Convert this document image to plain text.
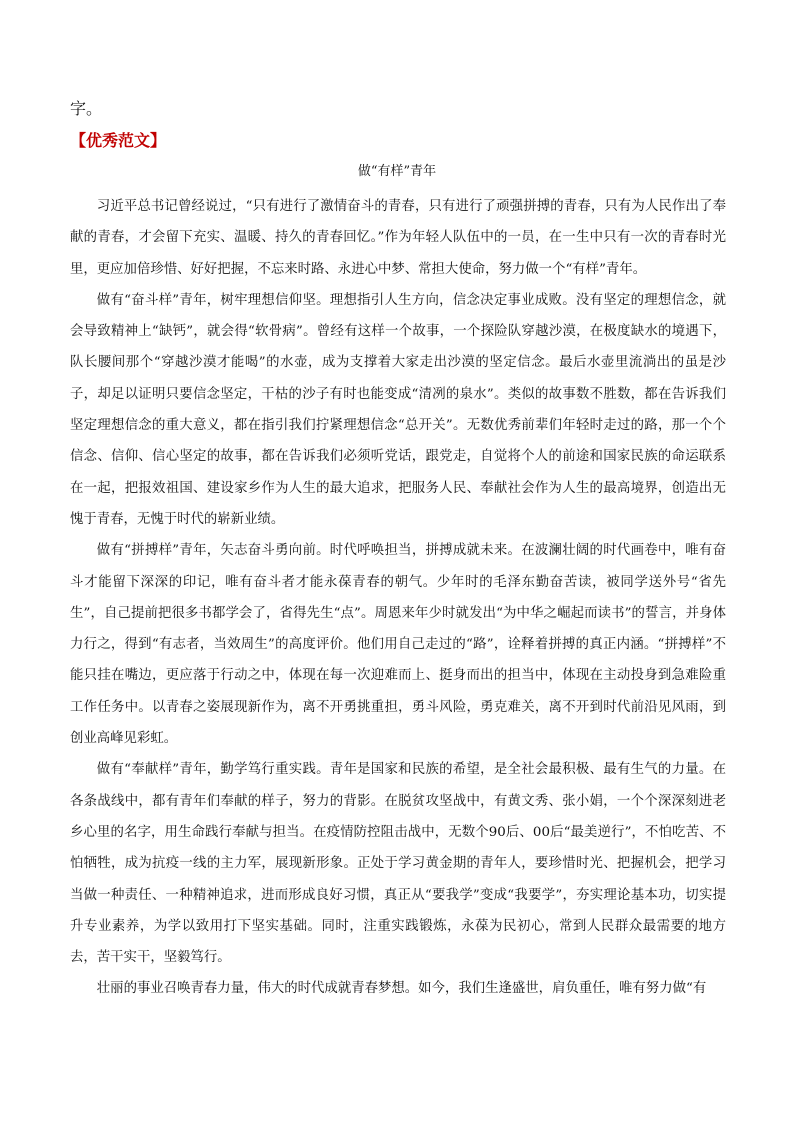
字。
【优秀范文】
做“有样”青年

习近平总书记曾经说过，“只有进行了激情奋斗的青春，只有进行了顽强拼搏的青春，只有为人民作出了奉献的青春，才会留下充实、温暖、持久的青春回忆。”作为年轻人队伍中的一员，在一生中只有一次的青春时光里，更应加倍珍惜、好好把握，不忘来时路、永进心中梦、常担大使命，努力做一个“有样”青年。

做有“奋斗样”青年，树牢理想信仰坚。理想指引人生方向，信念决定事业成败。没有坚定的理想信念，就会导致精神上“缺钙”，就会得“软骨病”。曾经有这样一个故事，一个探险队穿越沙漠，在极度缺水的境遇下，队长腰间那个“穿越沙漠才能喝”的水壶，成为支撑着大家走出沙漠的坚定信念。最后水壶里流淌出的虽是沙子，却足以证明只要信念坚定，干枯的沙子有时也能变成“清冽的泉水”。类似的故事数不胜数，都在告诉我们坚定理想信念的重大意义，都在指引我们拧紧理想信念“总开关”。无数优秀前辈们年轻时走过的路，那一个个信念、信仰、信心坚定的故事，都在告诉我们必须听党话，跟党走，自觉将个人的前途和国家民族的命运联系在一起，把报效祖国、建设家乡作为人生的最大追求，把服务人民、奉献社会作为人生的最高境界，创造出无愧于青春，无愧于时代的崭新业绩。

做有“拼搏样”青年，矢志奋斗勇向前。时代呼唤担当，拼搏成就未来。在波澜壮阔的时代画卷中，唯有奋斗才能留下深深的印记，唯有奋斗者才能永葆青春的朝气。少年时的毛泽东勤奋苦读，被同学送外号“省先生”，自己提前把很多书都学会了，省得先生“点”。周恩来年少时就发出“为中华之崛起而读书”的誓言，并身体力行之，得到“有志者，当效周生”的高度评价。他们用自己走过的“路”，诠释着拼搏的真正内涵。“拼搏样”不能只挂在嘴边，更应落于行动之中，体现在每一次迎难而上、挺身而出的担当中，体现在主动投身到急难险重工作任务中。以青春之姿展现新作为，离不开勇挑重担，勇斗风险，勇克难关，离不开到时代前沿见风雨，到创业高峰见彩虹。

做有“奉献样”青年，勤学笃行重实践。青年是国家和民族的希望，是全社会最积极、最有生气的力量。在各条战线中，都有青年们奉献的样子，努力的背影。在脱贫攻坚战中，有黄文秀、张小娟，一个个深深刻进老乡心里的名字，用生命践行奉献与担当。在疫情防控阻击战中，无数个90后、00后“最美逆行”，不怕吃苦、不怕牺牲，成为抗疫一线的主力军，展现新形象。正处于学习黄金期的青年人，要珍惜时光、把握机会，把学习当做一种责任、一种精神追求，进而形成良好习惯，真正从“要我学”变成“我要学”，夯实理论基本功，切实提升专业素养，为学以致用打下坚实基础。同时，注重实践锻炼，永葆为民初心，常到人民群众最需要的地方去，苦干实干，坚毅笃行。

壮丽的事业召唤青春力量，伟大的时代成就青春梦想。如今，我们生逢盛世，肩负重任，唯有努力做“有
